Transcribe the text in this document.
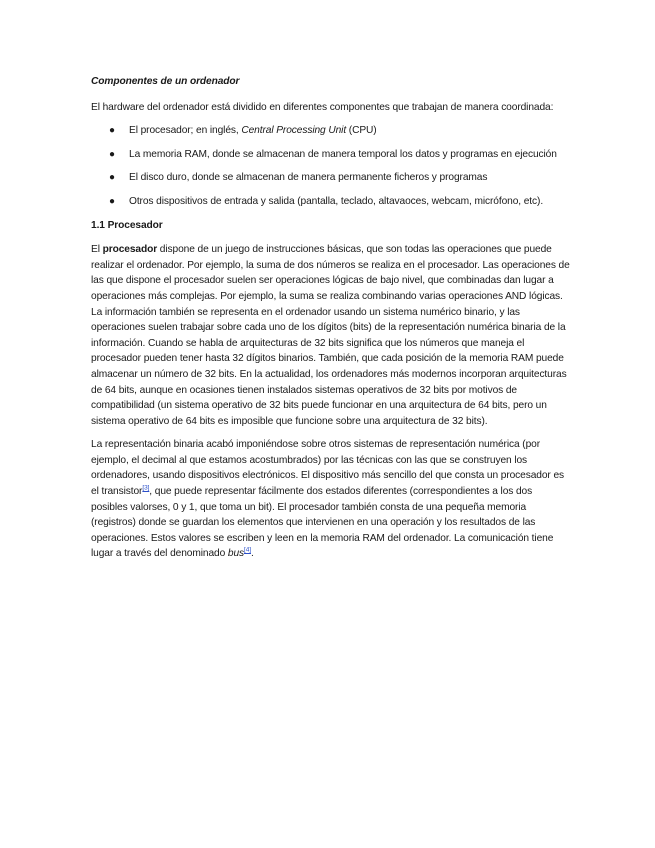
Componentes de un ordenador

El hardware del ordenador está dividido en diferentes componentes que trabajan de manera coordinada:

● El procesador; en inglés, Central Processing Unit (CPU)
● La memoria RAM, donde se almacenan de manera temporal los datos y programas en ejecución
● El disco duro, donde se almacenan de manera permanente ficheros y programas
● Otros dispositivos de entrada y salida (pantalla, teclado, altavaoces, webcam, micrófono, etc).
1.1 Procesador

El procesador dispone de un juego de instrucciones básicas, que son todas las operaciones que puede realizar el ordenador. Por ejemplo, la suma de dos números se realiza en el procesador. Las operaciones de las que dispone el procesador suelen ser operaciones lógicas de bajo nivel, que combinadas dan lugar a operaciones más complejas. Por ejemplo, la suma se realiza combinando varias operaciones AND lógicas. La información también se representa en el ordenador usando un sistema numérico binario, y las operaciones suelen trabajar sobre cada uno de los dígitos (bits) de la representación numérica binaria de la información. Cuando se habla de arquitecturas de 32 bits significa que los números que maneja el procesador pueden tener hasta 32 dígitos binarios. También, que cada posición de la memoria RAM puede almacenar un número de 32 bits. En la actualidad, los ordenadores más modernos incorporan arquitecturas de 64 bits, aunque en ocasiones tienen instalados sistemas operativos de 32 bits por motivos de compatibilidad (un sistema operativo de 32 bits puede funcionar en una arquitectura de 64 bits, pero un sistema operativo de 64 bits es imposible que funcione sobre una arquitectura de 32 bits).

La representación binaria acabó imponiéndose sobre otros sistemas de representación numérica (por ejemplo, el decimal al que estamos acostumbrados) por las técnicas con las que se construyen los ordenadores, usando dispositivos electrónicos. El dispositivo más sencillo del que consta un procesador es el transistor[3], que puede representar fácilmente dos estados diferentes (correspondientes a los dos posibles valorses, 0 y 1, que toma un bit). El procesador también consta de una pequeña memoria (registros) donde se guardan los elementos que intervienen en una operación y los resultados de las operaciones. Estos valores se escriben y leen en la memoria RAM del ordenador. La comunicación tiene lugar a través del denominado bus[4].
